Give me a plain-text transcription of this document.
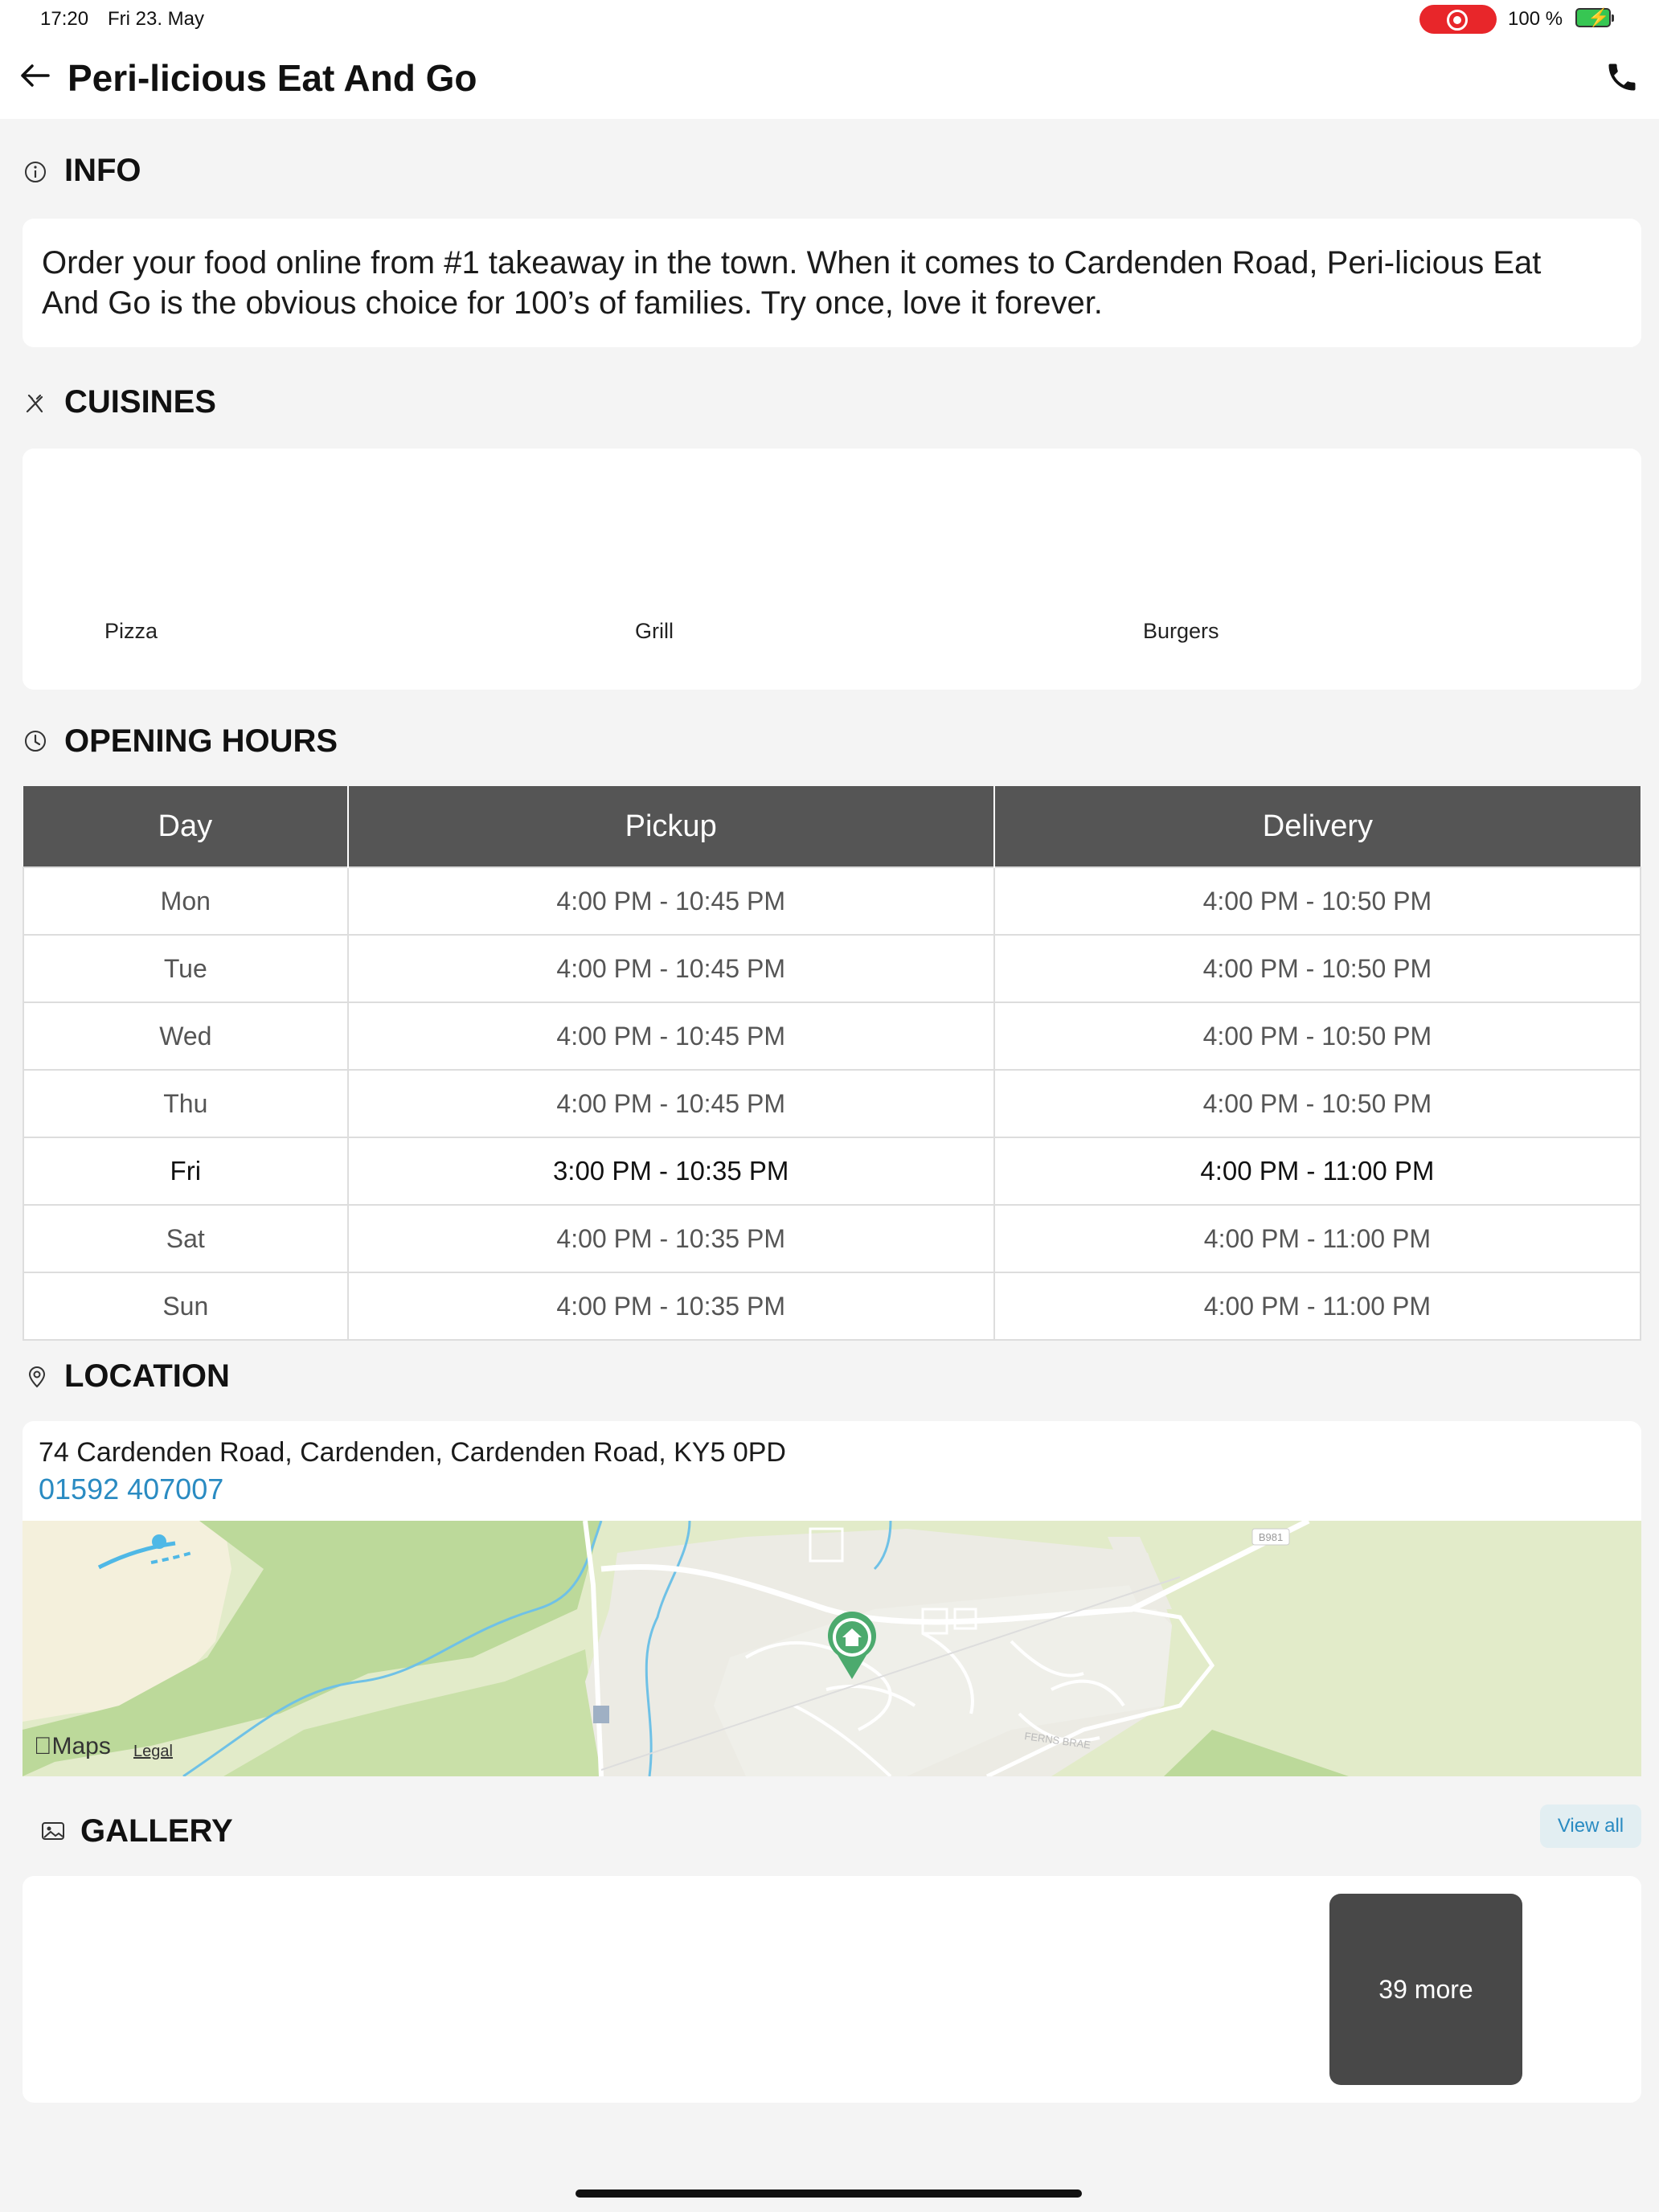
17:20 Fri 23. May	100 % ⚡
Peri-licious Eat And Go
INFO
Order your food online from #1 takeaway in the town. When it comes to Cardenden Road, Peri-licious Eat And Go is the obvious choice for 100’s of families. Try once, love it forever.
CUISINES
Pizza	Grill	Burgers
OPENING HOURS
Day	Pickup	Delivery
Mon	4:00 PM - 10:45 PM	4:00 PM - 10:50 PM
Tue	4:00 PM - 10:45 PM	4:00 PM - 10:50 PM
Wed	4:00 PM - 10:45 PM	4:00 PM - 10:50 PM
Thu	4:00 PM - 10:45 PM	4:00 PM - 10:50 PM
Fri	3:00 PM - 10:35 PM	4:00 PM - 11:00 PM
Sat	4:00 PM - 10:35 PM	4:00 PM - 11:00 PM
Sun	4:00 PM - 10:35 PM	4:00 PM - 11:00 PM
LOCATION
74 Cardenden Road, Cardenden, Cardenden Road, KY5 0PD
01592 407007
FERNS BRAE
B981
Maps	Legal
GALLERY	View all
39 more
